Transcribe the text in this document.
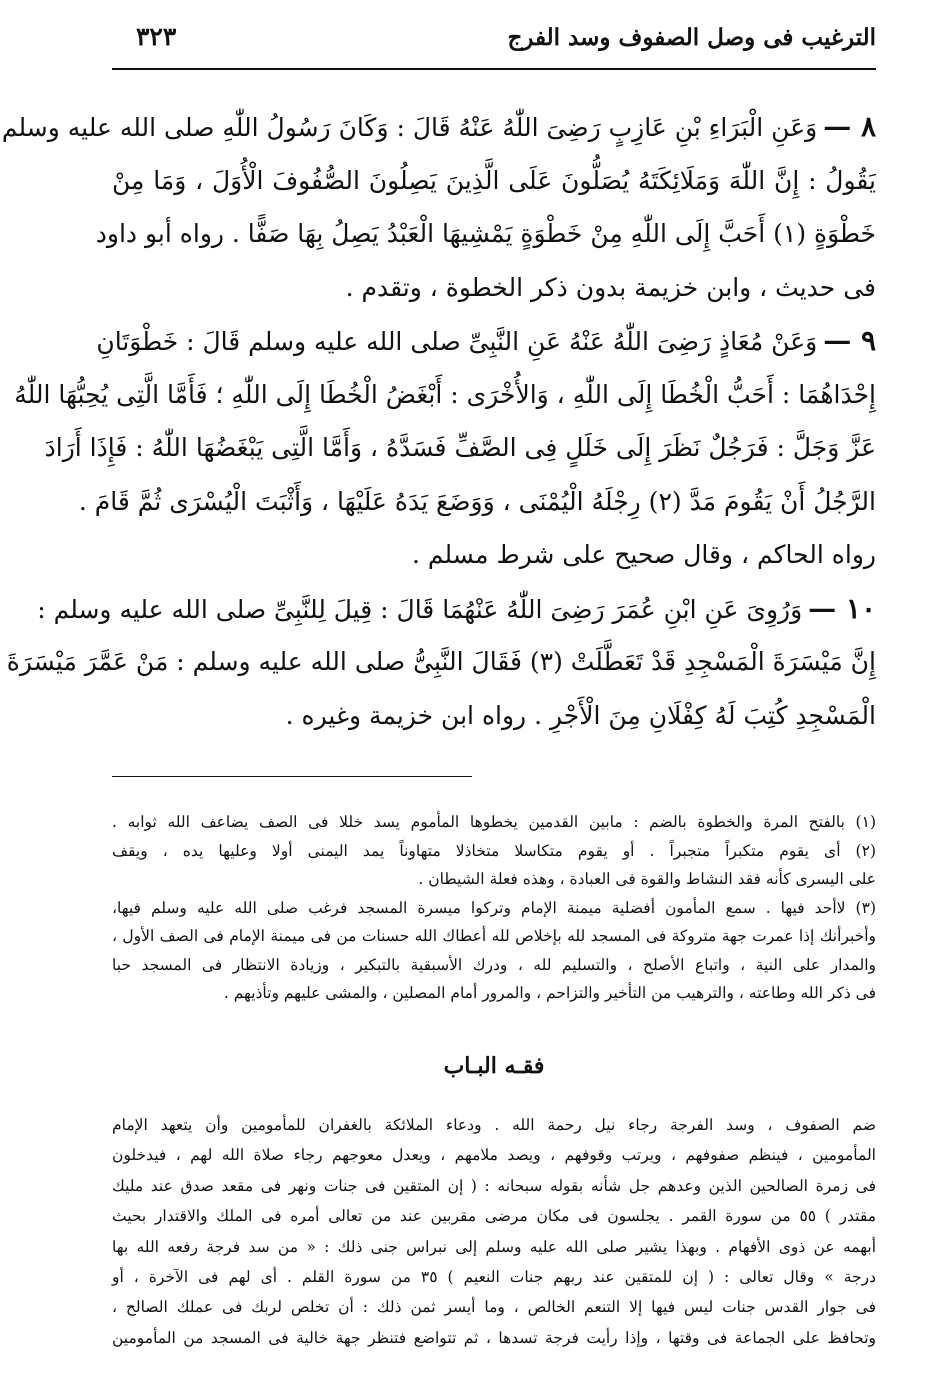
الترغيب فى وصل الصفوف وسد الفرج
٣٢٣
٨ —وَعَنِ الْبَرَاءِ بْنِ عَازِبٍ رَضِىَ اللّٰهُ عَنْهُ قَالَ : وَكَانَ رَسُولُ اللّٰهِ صلى الله عليه وسلم
يَقُولُ : إِنَّ اللّٰهَ وَمَلَائِكَتَهُ يُصَلُّونَ عَلَى الَّذِينَ يَصِلُونَ الصُّفُوفَ الْأُوَلَ ، وَمَا مِنْ
خَطْوَةٍ (١) أَحَبَّ إِلَى اللّٰهِ مِنْ خَطْوَةٍ يَمْشِيهَا الْعَبْدُ يَصِلُ بِهَا صَفًّا . رواه أبو داود
فى حديث ، وابن خزيمة بدون ذكر الخطوة ، وتقدم .
٩ —وَعَنْ مُعَاذٍ رَضِىَ اللّٰهُ عَنْهُ عَنِ النَّبِىِّ صلى الله عليه وسلم قَالَ : خَطْوَتَانِ
إِحْدَاهُمَا : أَحَبُّ الْخُطَا إِلَى اللّٰهِ ، وَالأُخْرَى : أَبْغَضُ الْخُطَا إِلَى اللّٰهِ ؛ فَأَمَّا الَّتِى يُحِبُّهَا اللّٰهُ
عَزَّ وَجَلَّ : فَرَجُلٌ نَظَرَ إِلَى خَلَلٍ فِى الصَّفِّ فَسَدَّهُ ، وَأَمَّا الَّتِى يَبْغَضُهَا اللّٰهُ : فَإِذَا أَرَادَ
الرَّجُلُ أَنْ يَقُومَ مَدَّ (٢) رِجْلَهُ الْيُمْنَى ، وَوَضَعَ يَدَهُ عَلَيْهَا ، وَأَثْبَتَ الْيُسْرَى ثُمَّ قَامَ .
رواه الحاكم ، وقال صحيح على شرط مسلم .
١٠ —وَرُوِىَ عَنِ ابْنِ عُمَرَ رَضِىَ اللّٰهُ عَنْهُمَا قَالَ : قِيلَ لِلنَّبِىِّ صلى الله عليه وسلم :
إِنَّ مَيْسَرَةَ الْمَسْجِدِ قَدْ تَعَطَّلَتْ (٣) فَقَالَ النَّبِىُّ صلى الله عليه وسلم : مَنْ عَمَّرَ مَيْسَرَةَ
الْمَسْجِدِ كُتِبَ لَهُ كِفْلَانِ مِنَ الْأَجْرِ . رواه ابن خزيمة وغيره .
(١) بالفتح المرة والخطوة بالضم : مابين القدمين يخطوها المأموم يسد خللا فى الصف يضاعف الله ثوابه .
(٢) أى يقوم متكبراً متجبراً . أو يقوم متكاسلا متخاذلا متهاوناً يمد اليمنى أولا وعليها يده ، ويقف
على اليسرى كأنه فقد النشاط والقوة فى العبادة ، وهذه فعلة الشيطان .
(٣) لاأحد فيها . سمع المأمون أفضلية ميمنة الإمام وتركوا ميسرة المسجد فرغب صلى الله عليه وسلم فيها،
وأخبرأنك إذا عمرت جهة متروكة فى المسجد لله بإخلاص لله أعطاك الله حسنات من فى ميمنة الإمام فى الصف الأول ،
والمدار على النية ، واتباع الأصلح ، والتسليم لله ، ودرك الأسبقية بالتبكير ، وزيادة الانتظار فى المسجد حبا
فى ذكر الله وطاعته ، والترهيب من التأخير والتزاحم ، والمرور أمام المصلين ، والمشى عليهم وتأذيهم .
فقـه البـاب
ضم الصفوف ، وسد الفرجة رجاء نيل رحمة الله . ودعاء الملائكة بالغفران للمأمومين وأن يتعهد الإمام
المأمومين ، فينظم صفوفهم ، ويرتب وقوفهم ، ويصد ملامهم ، ويعدل معوجهم رجاء صلاة الله لهم ، فيدخلون
فى زمرة الصالحين الذين وعدهم جل شأنه بقوله سبحانه : ( إن المتقين فى جنات ونهر فى مقعد صدق عند مليك
مقتدر ) ٥٥ من سورة القمر . يجلسون فى مكان مرضى مقربين عند من تعالى أمره فى الملك والاقتدار بحيث
أبهمه عن ذوى الأفهام . وبهذا يشير صلى الله عليه وسلم إلى نبراس جنى ذلك : « من سد فرجة رفعه الله بها
درجة » وقال تعالى : ( إن للمتقين عند ربهم جنات النعيم ) ٣٥ من سورة القلم . أى لهم فى الآخرة ، أو
فى جوار القدس جنات ليس فيها إلا التنعم الخالص ، وما أيسر ثمن ذلك : أن تخلص لربك فى عملك الصالح ،
وتحافظ على الجماعة فى وقتها ، وإذا رأيت فرجة تسدها ، ثم تتواضع فتنظر جهة خالية فى المسجد من المأمومين
